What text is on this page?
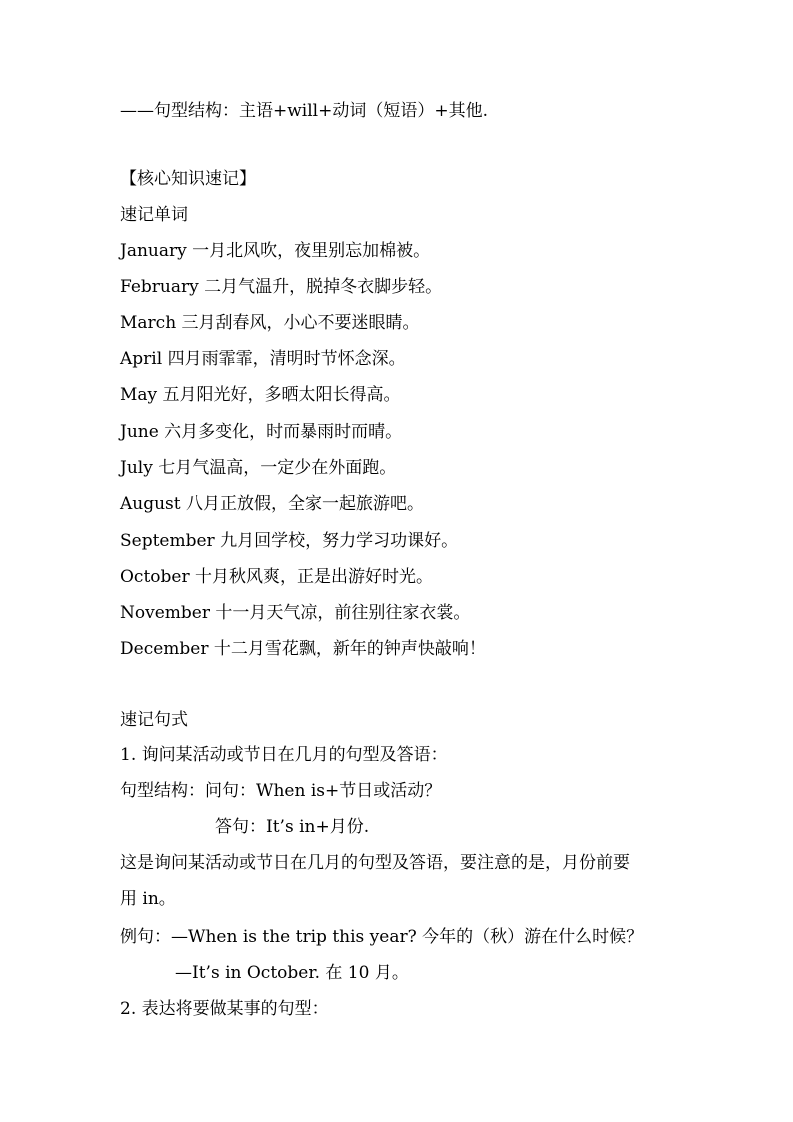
——句型结构：主语+will+动词（短语）+其他.
【核心知识速记】
速记单词
January 一月北风吹，夜里别忘加棉被。
February 二月气温升，脱掉冬衣脚步轻。
March 三月刮春风，小心不要迷眼睛。
April 四月雨霏霏，清明时节怀念深。
May 五月阳光好，多晒太阳长得高。
June 六月多变化，时而暴雨时而晴。
July 七月气温高，一定少在外面跑。
August 八月正放假，全家一起旅游吧。
September 九月回学校，努力学习功课好。
October 十月秋风爽，正是出游好时光。
November 十一月天气凉，前往别往家衣裳。
December 十二月雪花飘，新年的钟声快敲响！
速记句式
1. 询问某活动或节日在几月的句型及答语：
句型结构：问句：When is+节日或活动？
答句：It’s in+月份.
这是询问某活动或节日在几月的句型及答语，要注意的是，月份前要
用 in。
例句：—When is the trip this year? 今年的（秋）游在什么时候？
—It’s in October. 在 10 月。
2. 表达将要做某事的句型：
